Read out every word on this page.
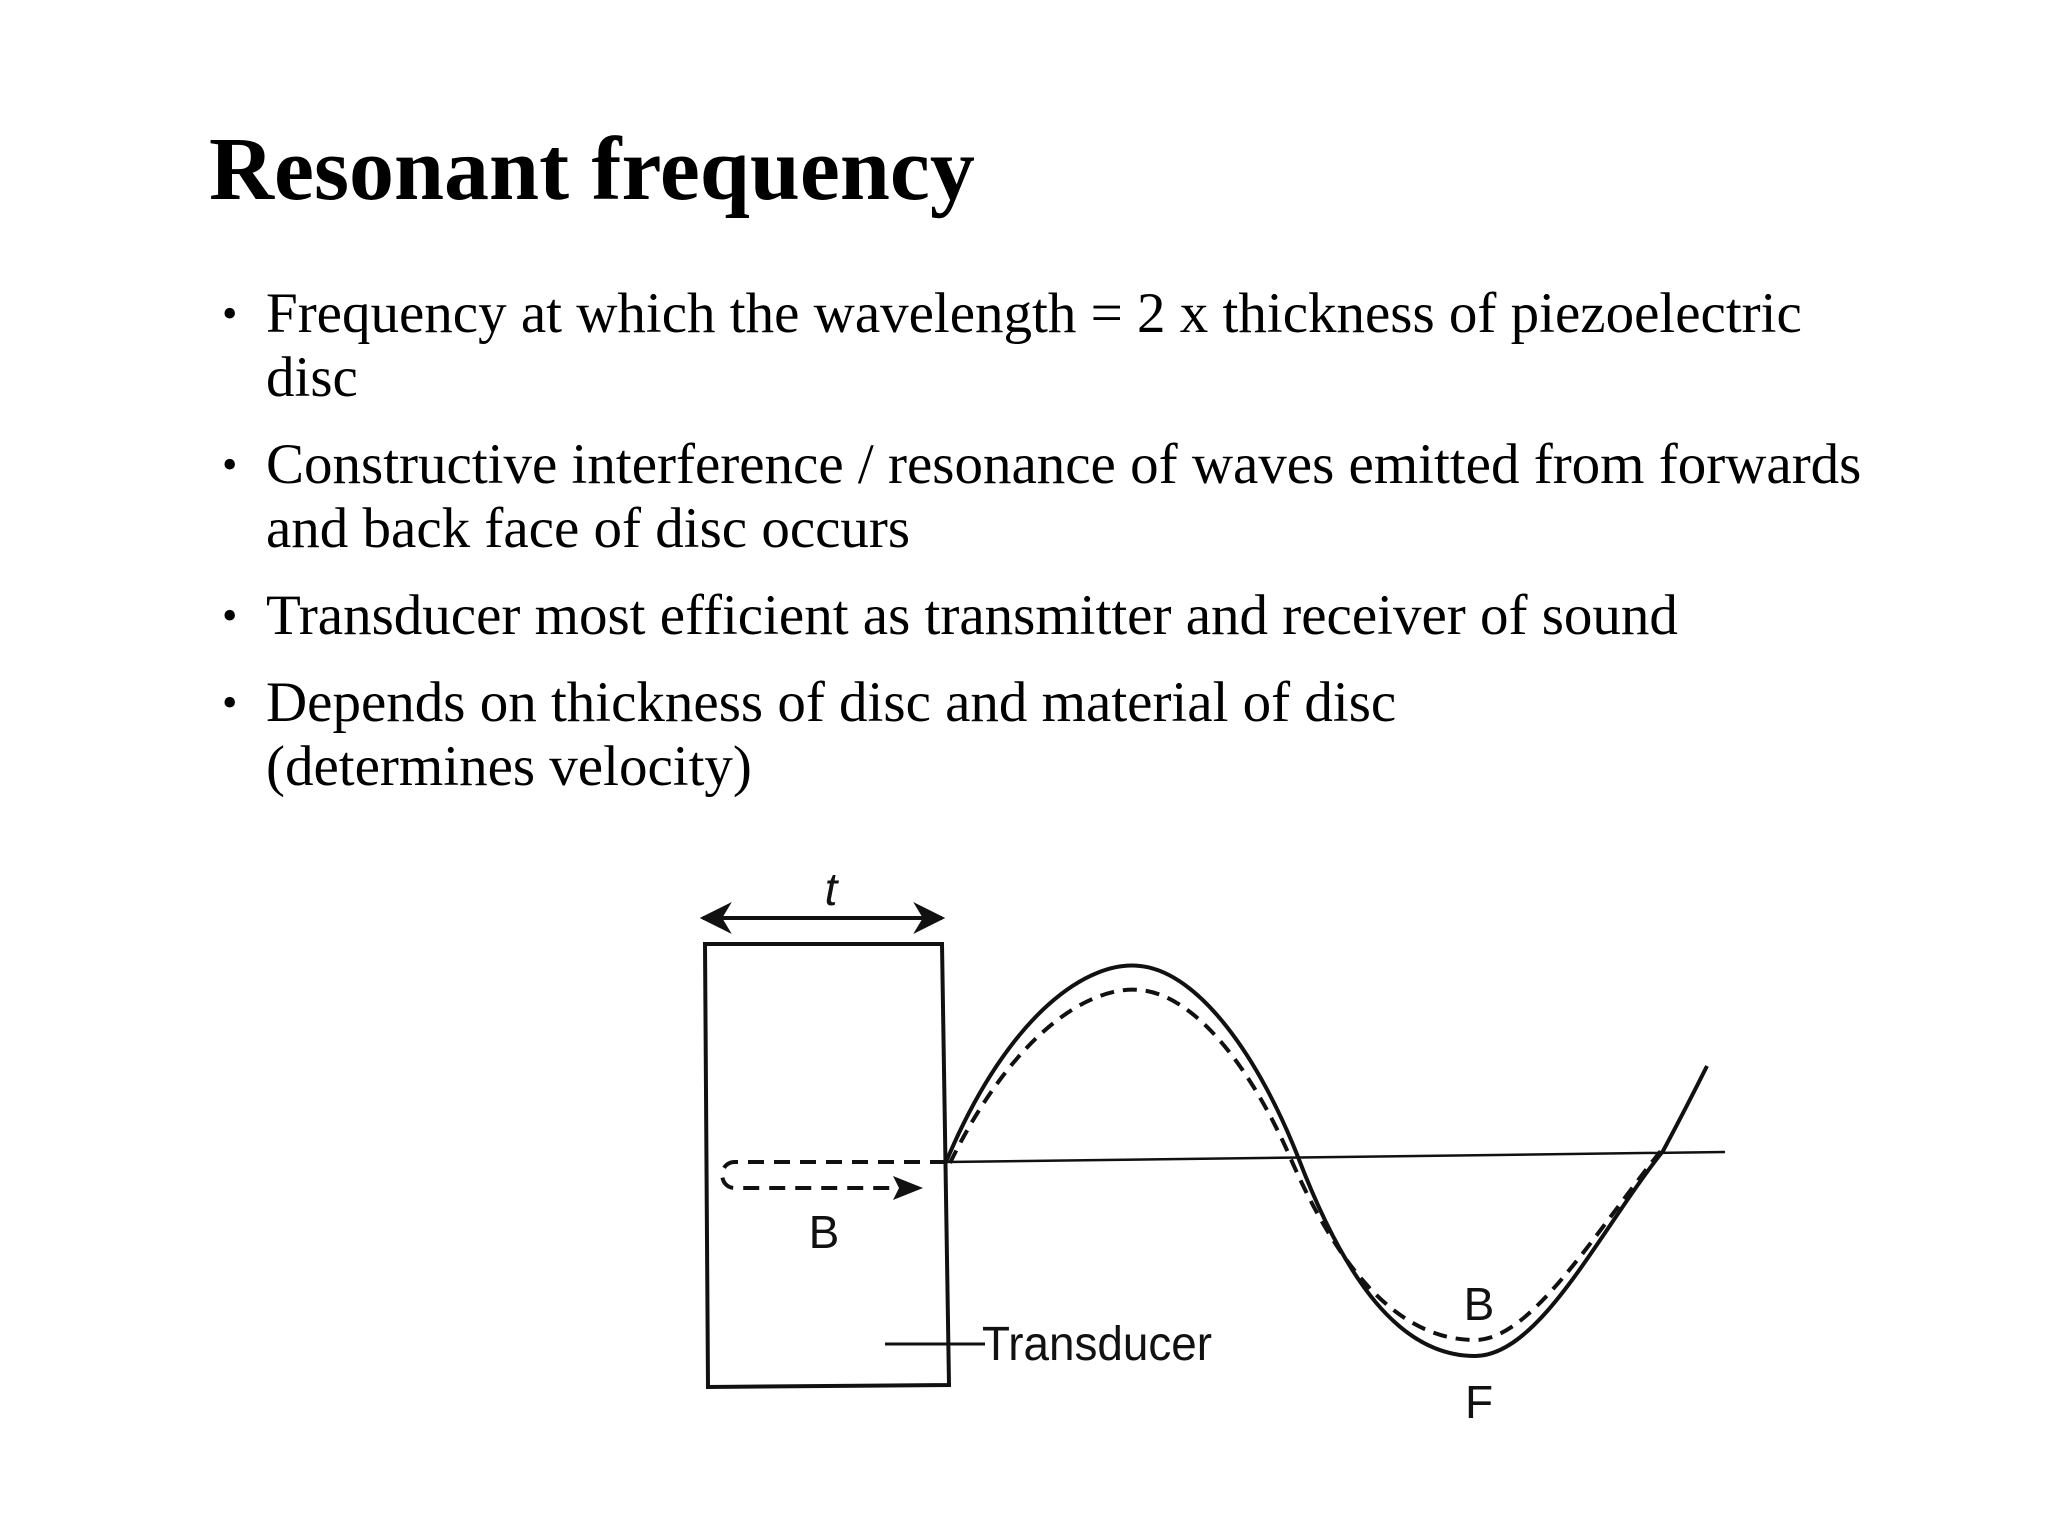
Resonant frequency
• Frequency at which the wavelength = 2 x thickness of piezoelectric
disc
• Constructive interference / resonance of waves emitted from forwards
and back face of disc occurs
• Transducer most efficient as transmitter and receiver of sound
• Depends on thickness of disc and material of disc
(determines velocity)
t
B
B
F
Transducer
